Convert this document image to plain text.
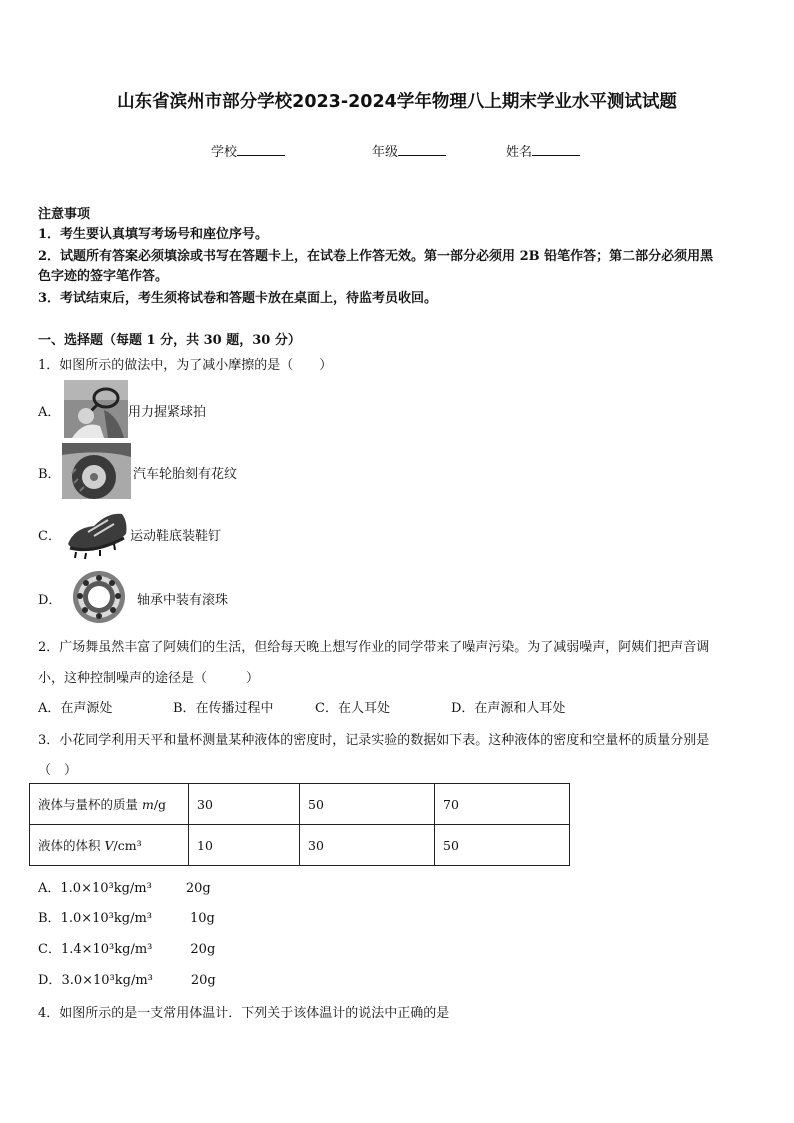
山东省滨州市部分学校2023-2024学年物理八上期末学业水平测试试题
学校	年级	姓名
注意事项
1．考生要认真填写考场号和座位序号。
2．试题所有答案必须填涂或书写在答题卡上，在试卷上作答无效。第一部分必须用 2B 铅笔作答；第二部分必须用黑
色字迹的签字笔作答。
3．考试结束后，考生须将试卷和答题卡放在桌面上，待监考员收回。
一、选择题（每题 1 分，共 30 题，30 分）
1．如图所示的做法中，为了减小摩擦的是（　　）
A．	用力握紧球拍
B．	汽车轮胎刻有花纹
C．	运动鞋底装鞋钉
D．	轴承中装有滚珠
2．广场舞虽然丰富了阿姨们的生活，但给每天晚上想写作业的同学带来了噪声污染。为了减弱噪声，阿姨们把声音调
小，这种控制噪声的途径是（　　　）
A．在声源处	B．在传播过程中	C．在人耳处	D．在声源和人耳处
3．小花同学利用天平和量杯测量某种液体的密度时，记录实验的数据如下表。这种液体的密度和空量杯的质量分别是
（　）
液体与量杯的质量 m/g	30	50	70
液体的体积 V/cm³	10	30	50
A．1.0×10³kg/m³	20g
B．1.0×10³kg/m³	10g
C．1.4×10³kg/m³	20g
D．3.0×10³kg/m³	20g
4．如图所示的是一支常用体温计．下列关于该体温计的说法中正确的是
